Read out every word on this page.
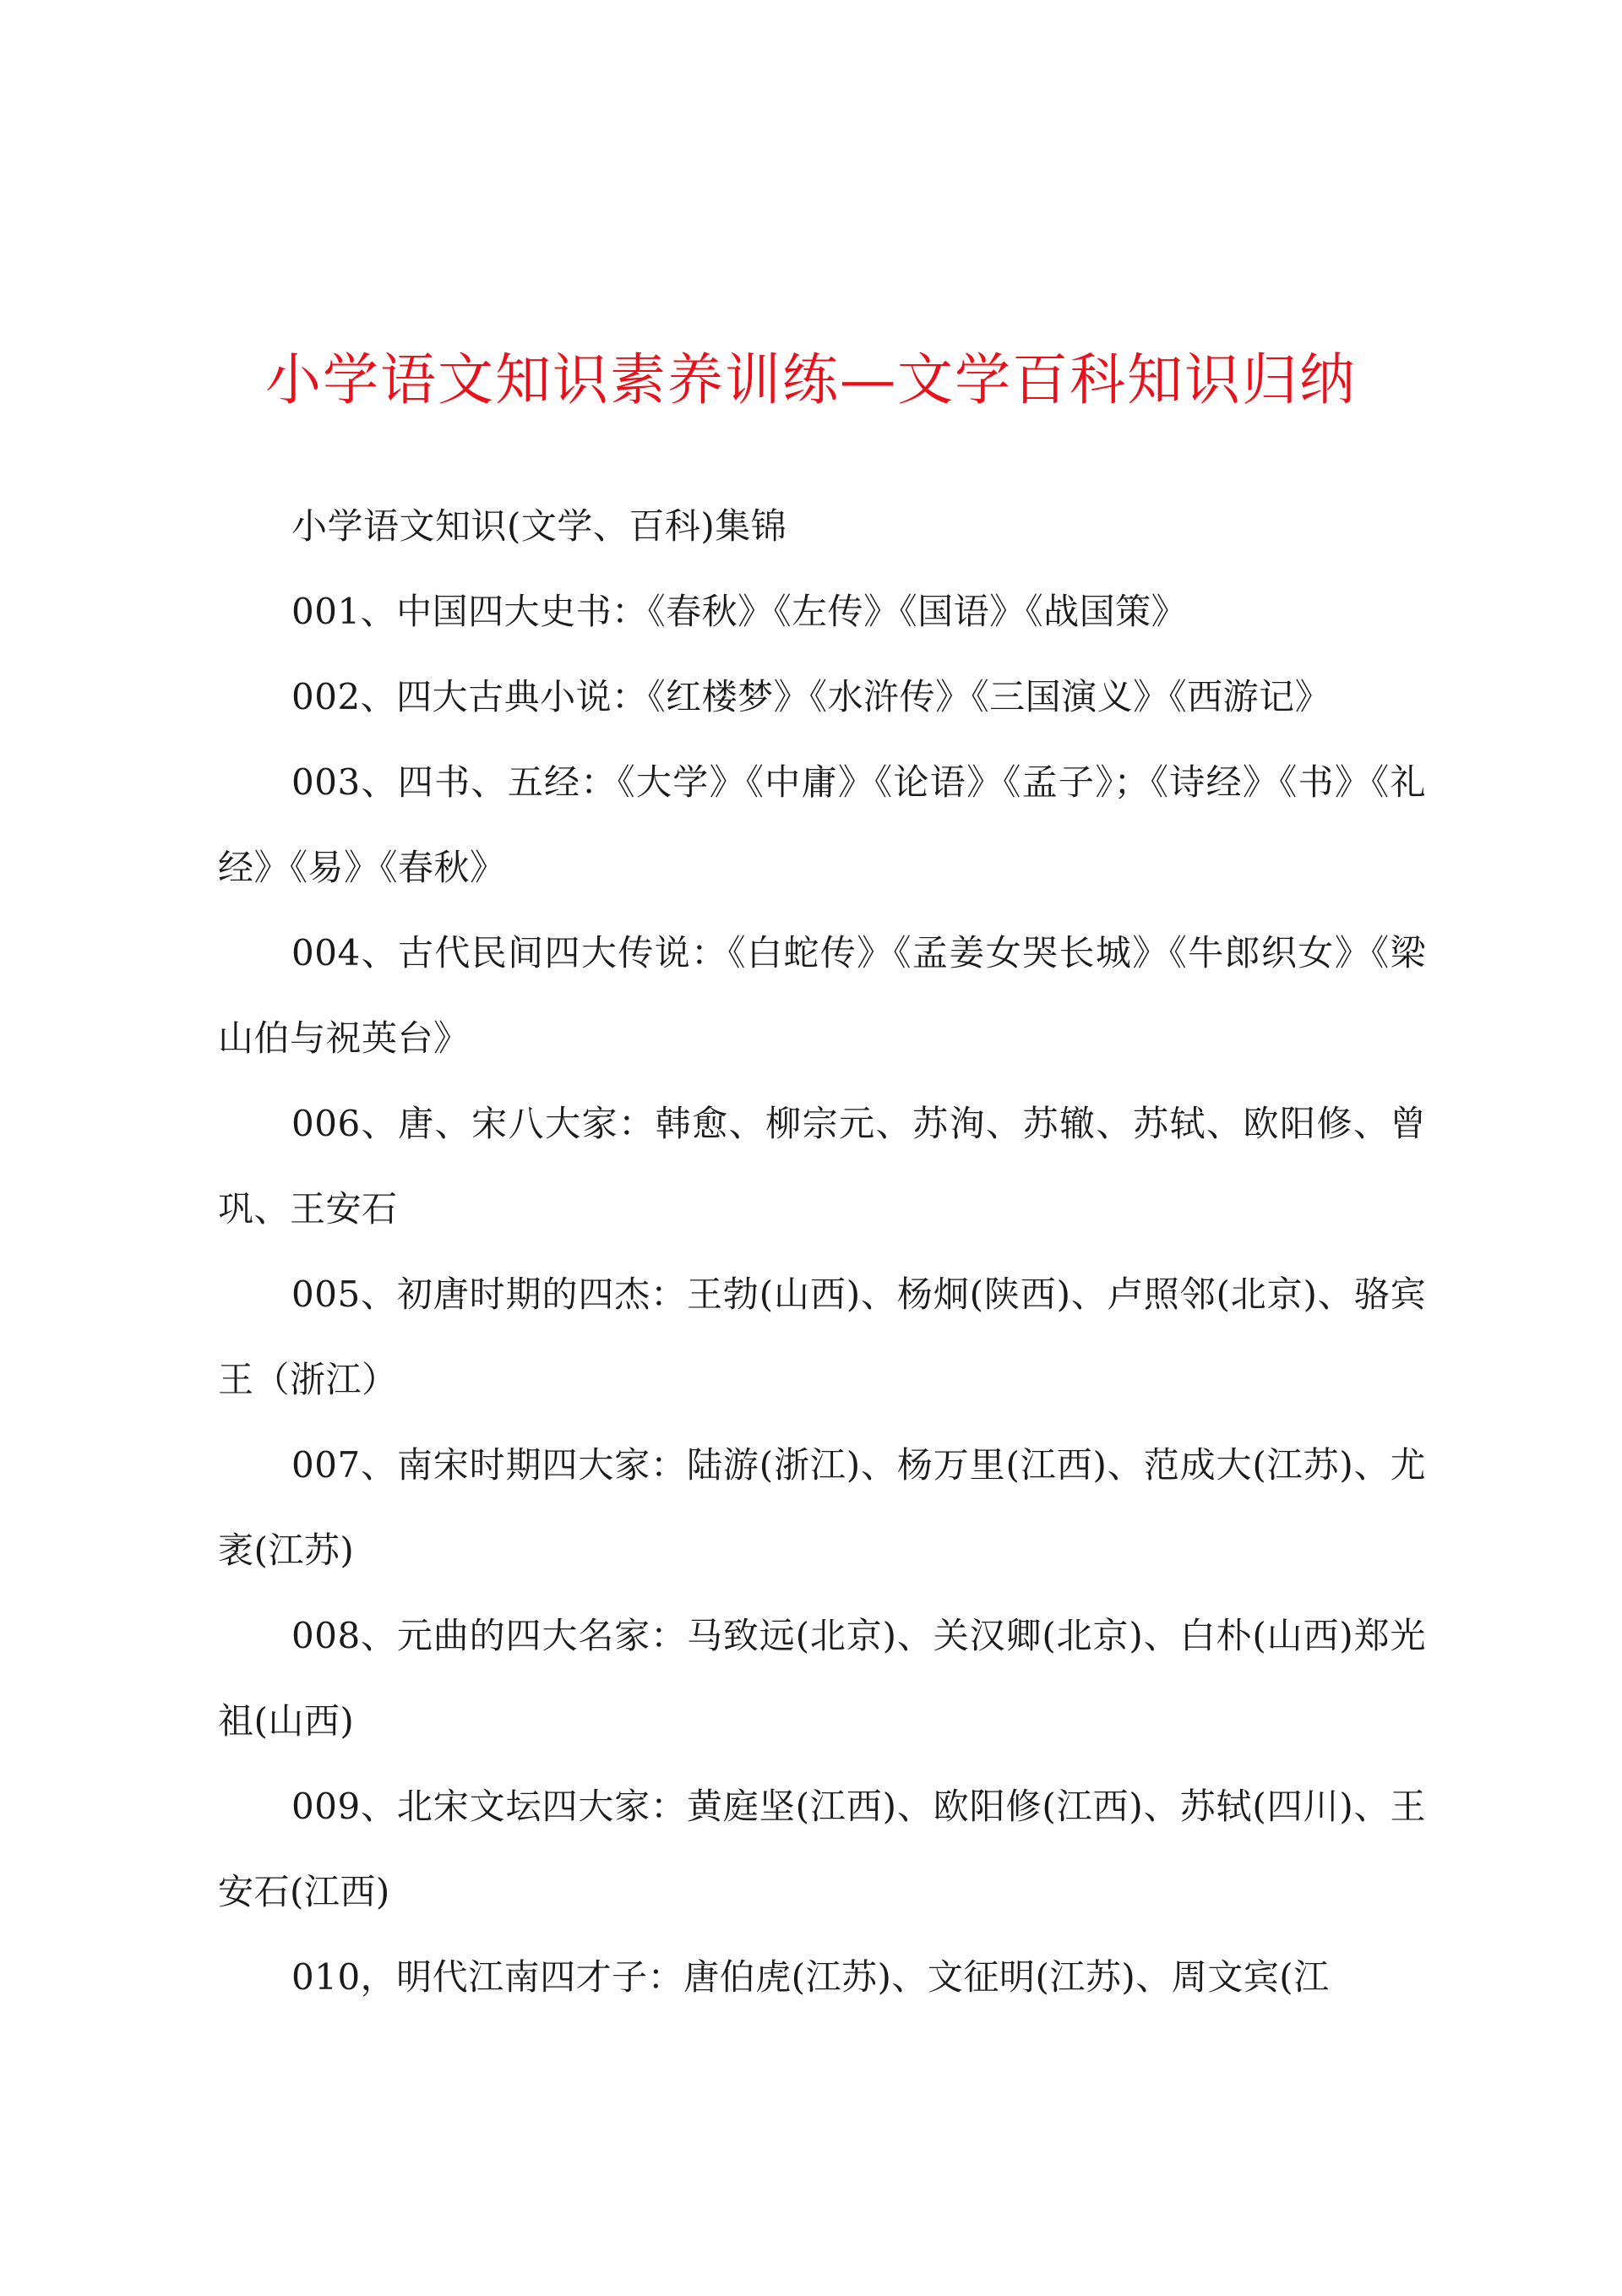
小学语文知识素养训练—文学百科知识归纳

小学语文知识(文学、百科)集锦

001、中国四大史书：《春秋》《左传》《国语》《战国策》

002、四大古典小说：《红楼梦》《水浒传》《三国演义》《西游记》

003、四书、五经：《大学》《中庸》《论语》《孟子》；《诗经》《书》《礼经》《易》《春秋》

004、古代民间四大传说：《白蛇传》《孟姜女哭长城》《牛郎织女》《梁山伯与祝英台》

006、唐、宋八大家：韩愈、柳宗元、苏洵、苏辙、苏轼、欧阳修、曾巩、王安石

005、初唐时期的四杰：王勃(山西)、杨炯(陕西)、卢照邻(北京)、骆宾王（浙江）

007、南宋时期四大家：陆游(浙江)、杨万里(江西)、范成大(江苏)、尤袤(江苏)

008、元曲的四大名家：马致远(北京)、关汉卿(北京)、白朴(山西)郑光祖(山西)

009、北宋文坛四大家：黄庭坚(江西)、欧阳修(江西)、苏轼(四川)、王安石(江西)

010，明代江南四才子：唐伯虎(江苏)、文征明(江苏)、周文宾(江
